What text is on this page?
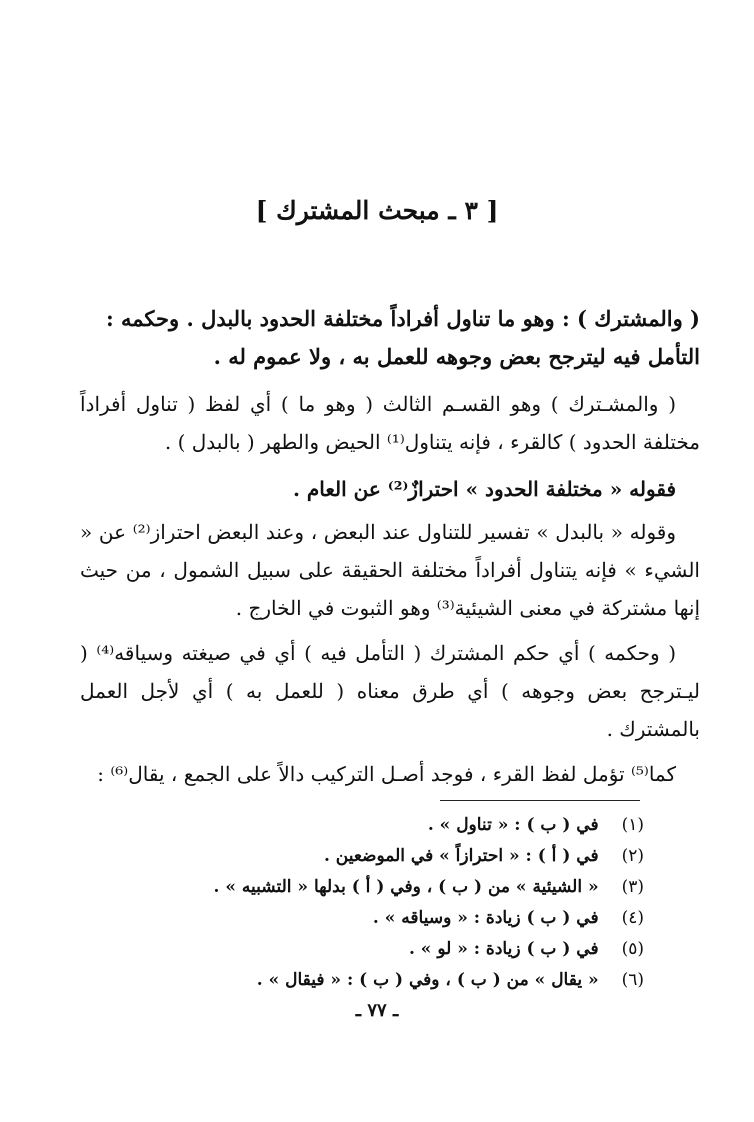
[ ٣ ـ مبحث المشترك ]

( والمشترك ) : وهو ما تناول أفراداً مختلفة الحدود بالبدل . وحكمه :

التأمل فيه ليترجح بعض وجوهه للعمل به ، ولا عموم له .

( والمشـترك ) وهو القسـم الثالث ( وهو ما ) أي لفظ ( تناول أفراداً مختلفة الحدود ) كالقرء ، فإنه يتناول⁽¹⁾ الحيض والطهر ( بالبدل ) .

فقوله « مختلفة الحدود » احترازٌ⁽²⁾ عن العام .

وقوله « بالبدل » تفسير للتناول عند البعض ، وعند البعض احتراز⁽²⁾ عن « الشيء » فإنه يتناول أفراداً مختلفة الحقيقة على سبيل الشمول ، من حيث إنها مشتركة في معنى الشيئية⁽³⁾ وهو الثبوت في الخارج .

( وحكمه ) أي حكم المشترك ( التأمل فيه ) أي في صيغته وسياقه⁽⁴⁾ ( ليـترجح بعض وجوهه ) أي طرق معناه ( للعمل به ) أي لأجل العمل بالمشترك .

كما⁽⁵⁾ تؤمل لفظ القرء ، فوجد أصـل التركيب دالاً على الجمع ، يقال⁽⁶⁾ :

(١) في ( ب ) : « تناول » .
(٢) في ( أ ) : « احترازاً » في الموضعين .
(٣) « الشيئية » من ( ب ) ، وفي ( أ ) بدلها « التشبيه » .
(٤) في ( ب ) زيادة : « وسياقه » .
(٥) في ( ب ) زيادة : « لو » .
(٦) « يقال » من ( ب ) ، وفي ( ب ) : « فيقال » .
ـ ٧٧ ـ
